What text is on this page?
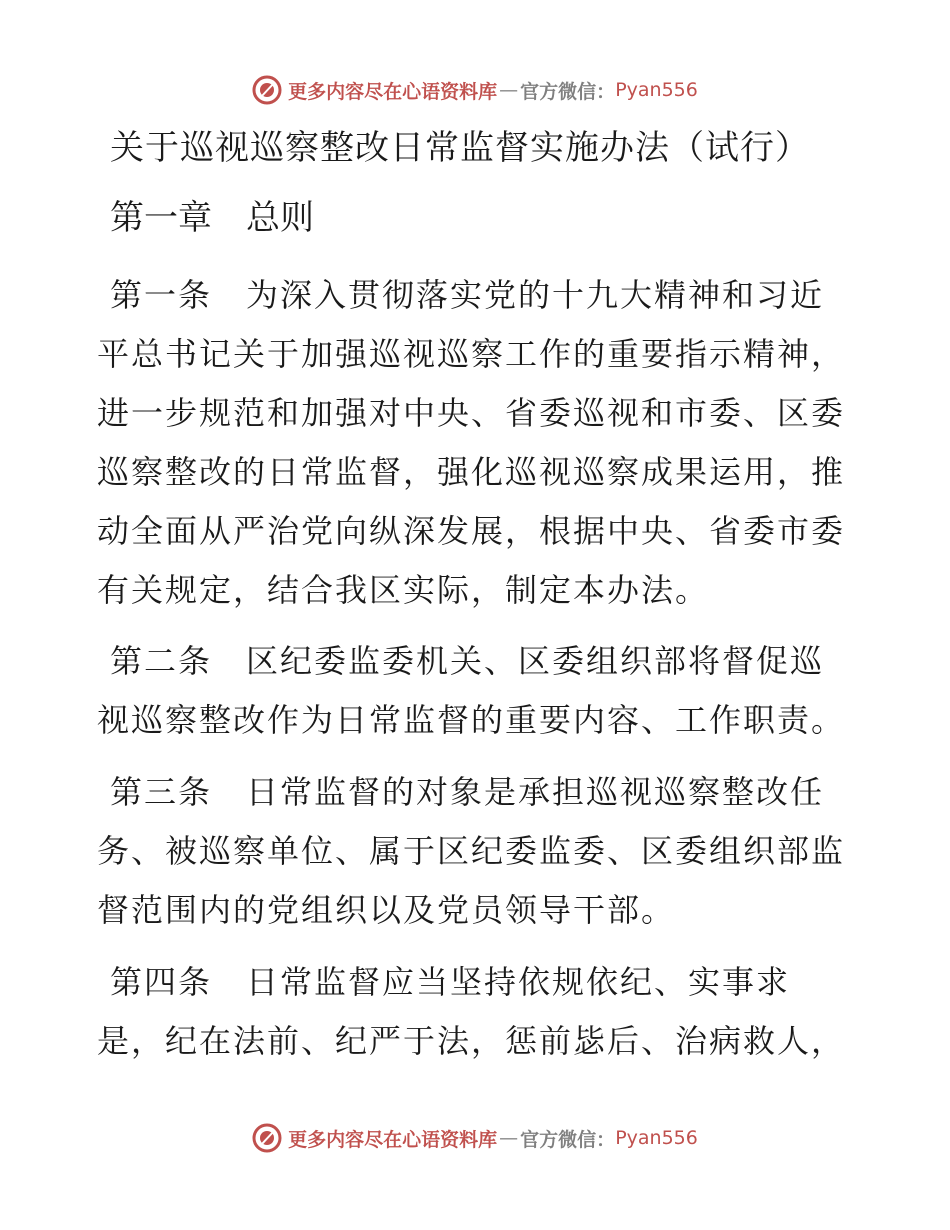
更多内容尽在心语资料库 — 官方微信： Pyan556
关于巡视巡察整改日常监督实施办法（试行）
第一章　总则
第一条　为深入贯彻落实党的十九大精神和习近
平总书记关于加强巡视巡察工作的重要指示精神，进一步规范和加强对中央、省委巡视和市委、区委巡察整改的日常监督，强化巡视巡察成果运用，推动全面从严治党向纵深发展，根据中央、省委市委有关规定，结合我区实际，制定本办法。
第二条　区纪委监委机关、区委组织部将督促巡
视巡察整改作为日常监督的重要内容、工作职责。
第三条　日常监督的对象是承担巡视巡察整改任
务、被巡察单位、属于区纪委监委、区委组织部监督范围内的党组织以及党员领导干部。
第四条　日常监督应当坚持依规依纪、实事求
是，纪在法前、纪严于法，惩前毖后、治病救人，
更多内容尽在心语资料库 — 官方微信： Pyan556
